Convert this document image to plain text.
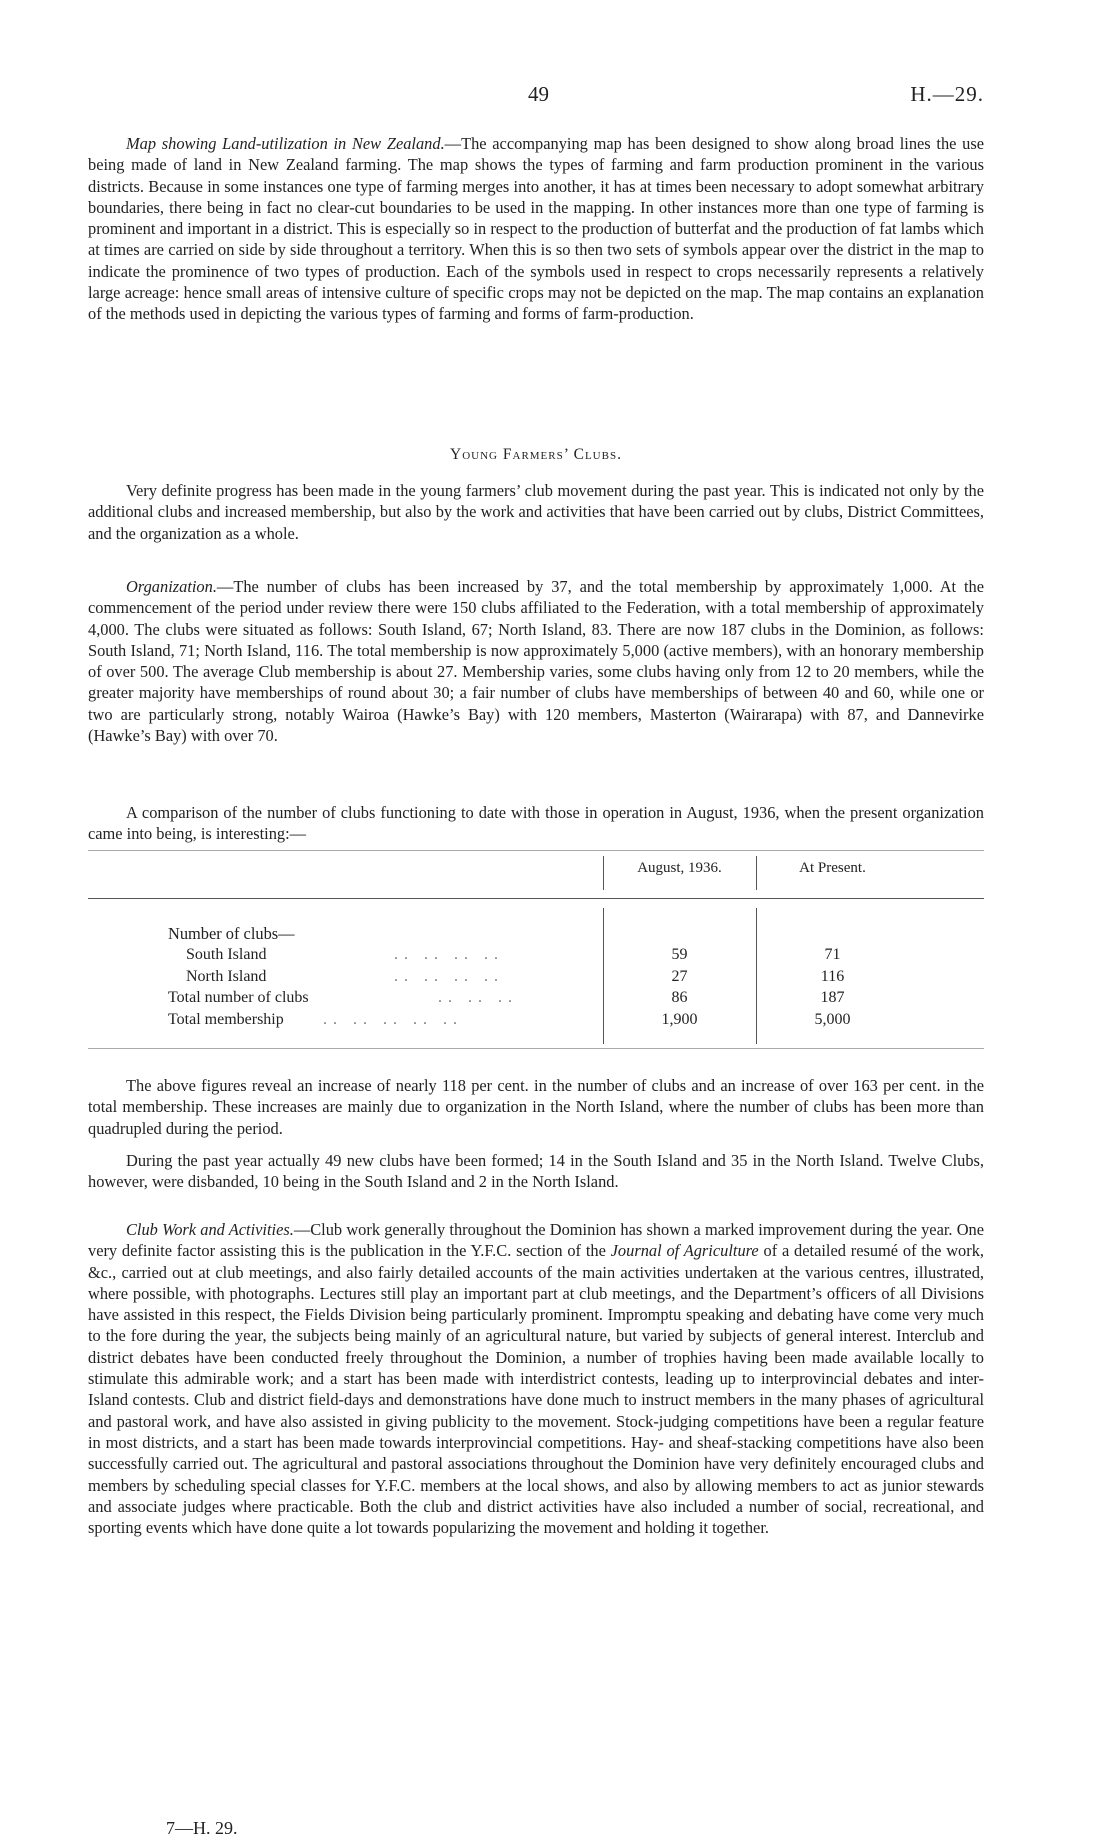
49	H.—29.

Map showing Land-utilization in New Zealand.—The accompanying map has been designed to show along broad lines the use being made of land in New Zealand farming. The map shows the types of farming and farm production prominent in the various districts. Because in some instances one type of farming merges into another, it has at times been necessary to adopt somewhat arbitrary boundaries, there being in fact no clear-cut boundaries to be used in the mapping. In other instances more than one type of farming is prominent and important in a district. This is especially so in respect to the production of butterfat and the production of fat lambs which at times are carried on side by side throughout a territory. When this is so then two sets of symbols appear over the district in the map to indicate the prominence of two types of production. Each of the symbols used in respect to crops necessarily represents a relatively large acreage: hence small areas of intensive culture of specific crops may not be depicted on the map. The map contains an explanation of the methods used in depicting the various types of farming and forms of farm-production.

Young Farmers’ Clubs.

Very definite progress has been made in the young farmers’ club movement during the past year. This is indicated not only by the additional clubs and increased membership, but also by the work and activities that have been carried out by clubs, District Committees, and the organization as a whole.

Organization.—The number of clubs has been increased by 37, and the total membership by approximately 1,000. At the commencement of the period under review there were 150 clubs affiliated to the Federation, with a total membership of approximately 4,000. The clubs were situated as follows: South Island, 67; North Island, 83. There are now 187 clubs in the Dominion, as follows: South Island, 71; North Island, 116. The total membership is now approximately 5,000 (active members), with an honorary membership of over 500. The average Club membership is about 27. Membership varies, some clubs having only from 12 to 20 members, while the greater majority have memberships of round about 30; a fair number of clubs have memberships of between 40 and 60, while one or two are particularly strong, notably Wairoa (Hawke’s Bay) with 120 members, Masterton (Wairarapa) with 87, and Dannevirke (Hawke’s Bay) with over 70.

A comparison of the number of clubs functioning to date with those in operation in August, 1936, when the present organization came into being, is interesting:—

August, 1936.	At Present.
Number of clubs—
South Island	.. .. .. ..	59	71
North Island	.. .. .. ..	27	116
Total number of clubs	.. .. ..	86	187
Total membership .. .. .. .. ..	1,900	5,000

The above figures reveal an increase of nearly 118 per cent. in the number of clubs and an increase of over 163 per cent. in the total membership. These increases are mainly due to organization in the North Island, where the number of clubs has been more than quadrupled during the period.

During the past year actually 49 new clubs have been formed; 14 in the South Island and 35 in the North Island. Twelve Clubs, however, were disbanded, 10 being in the South Island and 2 in the North Island.

Club Work and Activities.—Club work generally throughout the Dominion has shown a marked improvement during the year. One very definite factor assisting this is the publication in the Y.F.C. section of the Journal of Agriculture of a detailed resumé of the work, &c., carried out at club meetings, and also fairly detailed accounts of the main activities undertaken at the various centres, illustrated, where possible, with photographs. Lectures still play an important part at club meetings, and the Department’s officers of all Divisions have assisted in this respect, the Fields Division being particularly prominent. Impromptu speaking and debating have come very much to the fore during the year, the subjects being mainly of an agricultural nature, but varied by subjects of general interest. Interclub and district debates have been conducted freely throughout the Dominion, a number of trophies having been made available locally to stimulate this admirable work; and a start has been made with interdistrict contests, leading up to interprovincial debates and inter-Island contests. Club and district field-days and demonstrations have done much to instruct members in the many phases of agricultural and pastoral work, and have also assisted in giving publicity to the movement. Stock-judging competitions have been a regular feature in most districts, and a start has been made towards interprovincial competitions. Hay- and sheaf-stacking competitions have also been successfully carried out. The agricultural and pastoral associations throughout the Dominion have very definitely encouraged clubs and members by scheduling special classes for Y.F.C. members at the local shows, and also by allowing members to act as junior stewards and associate judges where practicable. Both the club and district activities have also included a number of social, recreational, and sporting events which have done quite a lot towards popularizing the movement and holding it together.

7—H. 29.
